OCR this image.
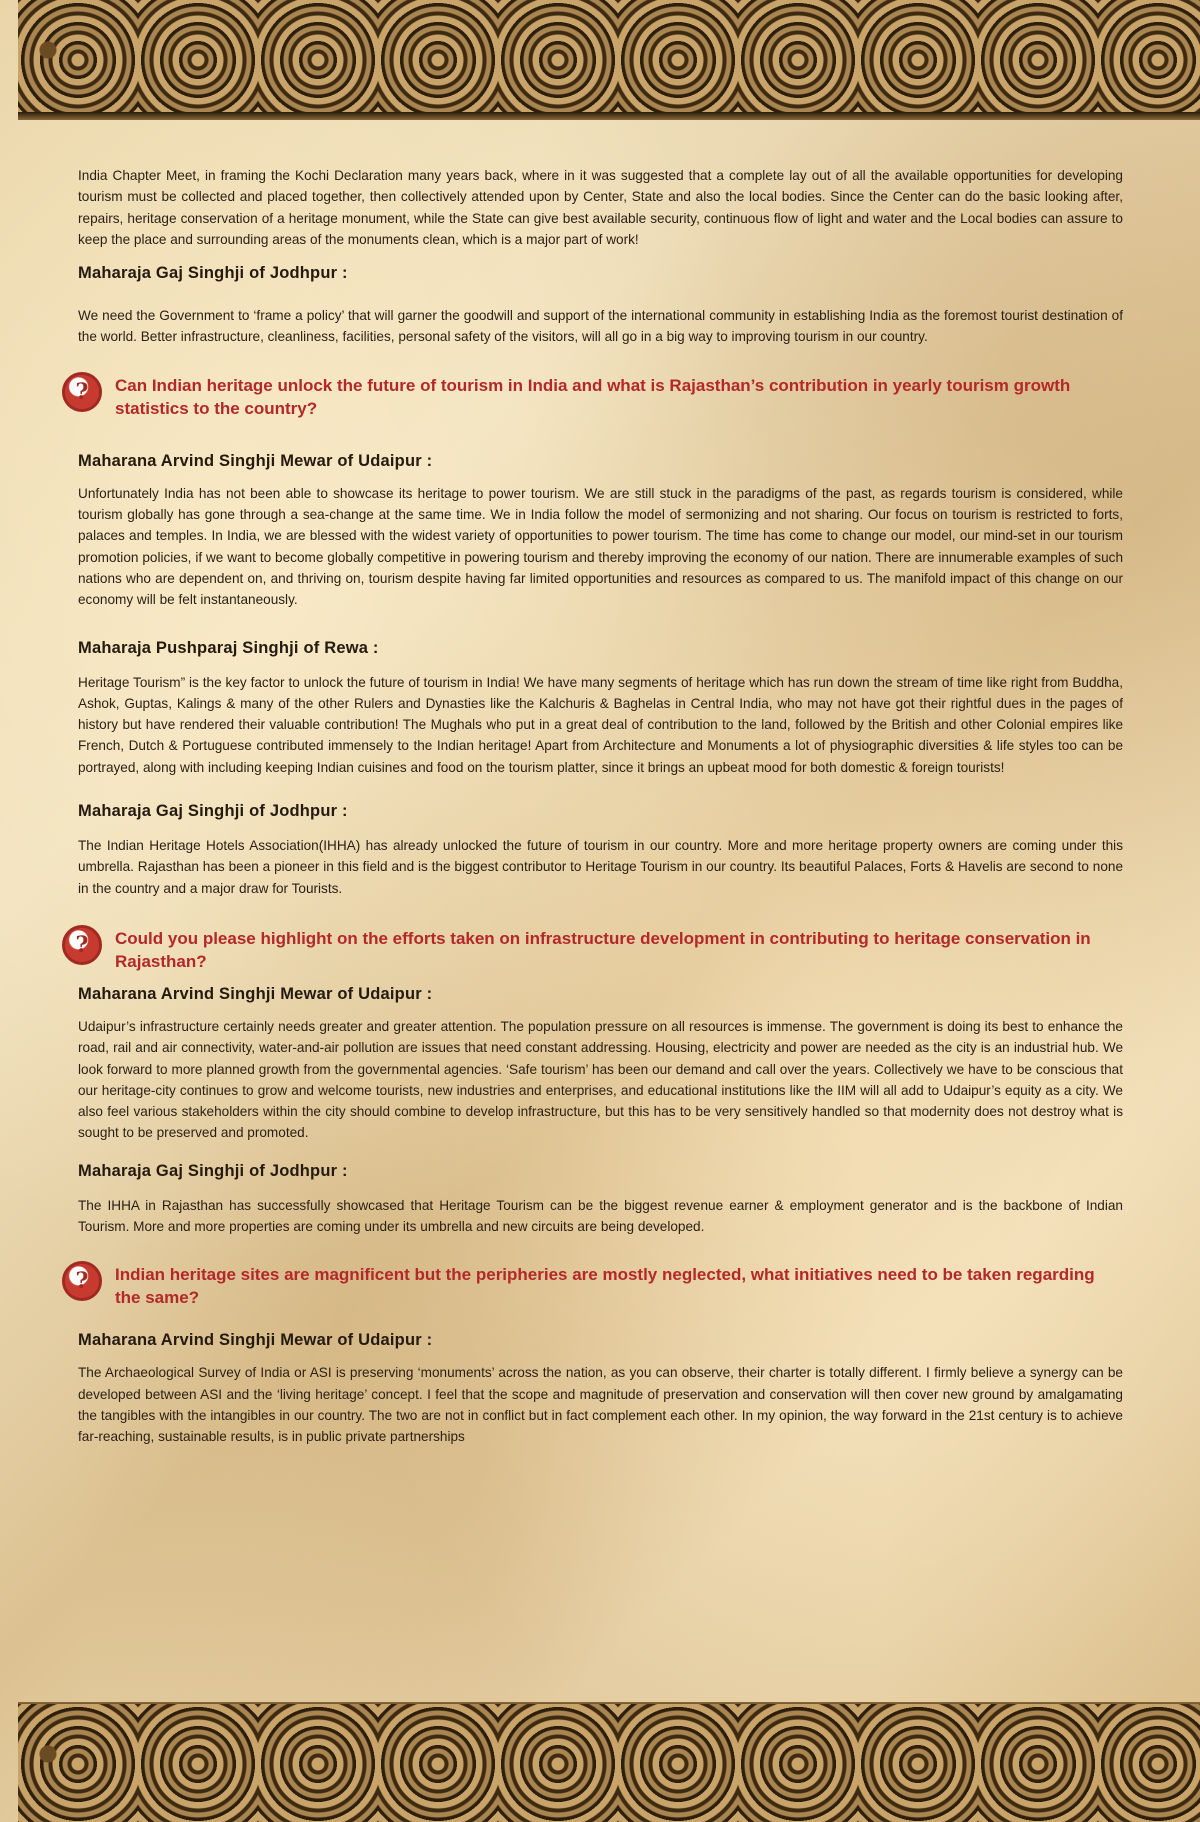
India Chapter Meet, in framing the Kochi Declaration many years back, where in it was suggested that a complete lay out of all the available opportunities for developing tourism must be collected and placed together, then collectively attended upon by Center, State and also the local bodies. Since the Center can do the basic looking after, repairs, heritage conservation of a heritage monument, while the State can give best available security, continuous flow of light and water and the Local bodies can assure to keep the place and surrounding areas of the monuments clean, which is a major part of work!

Maharaja Gaj Singhji of Jodhpur :

We need the Government to ‘frame a policy’ that will garner the goodwill and support of the international community in establishing India as the foremost tourist destination of the world. Better infrastructure, cleanliness, facilities, personal safety of the visitors, will all go in a big way to improving tourism in our country.

?	Can Indian heritage unlock the future of tourism in India and what is Rajasthan’s contribution in yearly tourism growth statistics to the country?
Maharana Arvind Singhji Mewar of Udaipur :

Unfortunately India has not been able to showcase its heritage to power tourism. We are still stuck in the paradigms of the past, as regards tourism is considered, while tourism globally has gone through a sea-change at the same time. We in India follow the model of sermonizing and not sharing. Our focus on tourism is restricted to forts, palaces and temples. In India, we are blessed with the widest variety of opportunities to power tourism. The time has come to change our model, our mind-set in our tourism promotion policies, if we want to become globally competitive in powering tourism and thereby improving the economy of our nation. There are innumerable examples of such nations who are dependent on, and thriving on, tourism despite having far limited opportunities and resources as compared to us. The manifold impact of this change on our economy will be felt instantaneously.

Maharaja Pushparaj Singhji of Rewa :

Heritage Tourism” is the key factor to unlock the future of tourism in India! We have many segments of heritage which has run down the stream of time like right from Buddha, Ashok, Guptas, Kalings & many of the other Rulers and Dynasties like the Kalchuris & Baghelas in Central India, who may not have got their rightful dues in the pages of history but have rendered their valuable contribution! The Mughals who put in a great deal of contribution to the land, followed by the British and other Colonial empires like French, Dutch & Portuguese contributed immensely to the Indian heritage! Apart from Architecture and Monuments a lot of physiographic diversities & life styles too can be portrayed, along with including keeping Indian cuisines and food on the tourism platter, since it brings an upbeat mood for both domestic & foreign tourists!

Maharaja Gaj Singhji of Jodhpur :

The Indian Heritage Hotels Association(IHHA) has already unlocked the future of tourism in our country. More and more heritage property owners are coming under this umbrella. Rajasthan has been a pioneer in this field and is the biggest contributor to Heritage Tourism in our country. Its beautiful Palaces, Forts & Havelis are second to none in the country and a major draw for Tourists.

?	Could you please highlight on the efforts taken on infrastructure development in contributing to heritage conservation in Rajasthan?
Maharana Arvind Singhji Mewar of Udaipur :

Udaipur’s infrastructure certainly needs greater and greater attention. The population pressure on all resources is immense. The government is doing its best to enhance the road, rail and air connectivity, water-and-air pollution are issues that need constant addressing. Housing, electricity and power are needed as the city is an industrial hub. We look forward to more planned growth from the governmental agencies. ‘Safe tourism’ has been our demand and call over the years. Collectively we have to be conscious that our heritage-city continues to grow and welcome tourists, new industries and enterprises, and educational institutions like the IIM will all add to Udaipur’s equity as a city. We also feel various stakeholders within the city should combine to develop infrastructure, but this has to be very sensitively handled so that modernity does not destroy what is sought to be preserved and promoted.

Maharaja Gaj Singhji of Jodhpur :

The IHHA in Rajasthan has successfully showcased that Heritage Tourism can be the biggest revenue earner & employment generator and is the backbone of Indian Tourism. More and more properties are coming under its umbrella and new circuits are being developed.

?	Indian heritage sites are magnificent but the peripheries are mostly neglected, what initiatives need to be taken regarding the same?
Maharana Arvind Singhji Mewar of Udaipur :

The Archaeological Survey of India or ASI is preserving ‘monuments’ across the nation, as you can observe, their charter is totally different. I firmly believe a synergy can be developed between ASI and the ‘living heritage’ concept. I feel that the scope and magnitude of preservation and conservation will then cover new ground by amalgamating the tangibles with the intangibles in our country. The two are not in conflict but in fact complement each other. In my opinion, the way forward in the 21st century is to achieve far-reaching, sustainable results, is in public private partnerships
